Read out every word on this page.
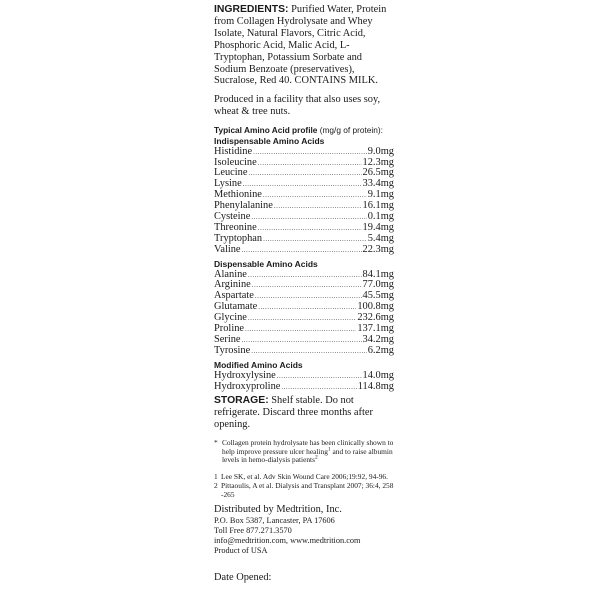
INGREDIENTS: Purified Water, Protein from Collagen Hydrolysate and Whey Isolate, Natural Flavors, Citric Acid, Phosphoric Acid, Malic Acid, L-Tryptophan, Potassium Sorbate and Sodium Benzoate (preservatives), Sucralose, Red 40. CONTAINS MILK.

Produced in a facility that also uses soy, wheat & tree nuts.

Typical Amino Acid profile (mg/g of protein):
Indispensable Amino Acids
Histidine .....	9.0mg
Isoleucine .....	12.3mg
Leucine .....	26.5mg
Lysine .....	33.4mg
Methionine .....	9.1mg
Phenylalanine .....	16.1mg
Cysteine .....	0.1mg
Threonine .....	19.4mg
Tryptophan .....	5.4mg
Valine .....	22.3mg
Dispensable Amino Acids
Alanine .....	84.1mg
Arginine .....	77.0mg
Aspartate .....	45.5mg
Glutamate .....	100.8mg
Glycine .....	232.6mg
Proline .....	137.1mg
Serine .....	34.2mg
Tyrosine .....	6.2mg
Modified Amino Acids
Hydroxylysine .....	14.0mg
Hydroxyproline .....	114.8mg

STORAGE: Shelf stable. Do not refrigerate. Discard three months after opening.

* Collagen protein hydrolysate has been clinically shown to help improve pressure ulcer healing$^1$ and to raise albumin levels in hemo-dialysis patients$^2$
1 Lee SK, et al. Adv Skin Wound Care 2006;19:92, 94-96.
2 Pittaoulis, A et al. Dialysis and Transplant 2007; 36:4, 258 -265
Distributed by Medtrition, Inc.
P.O. Box 5387, Lancaster, PA 17606
Toll Free 877.271.3570
info@medtrition.com, www.medtrition.com
Product of USA
Date Opened:
